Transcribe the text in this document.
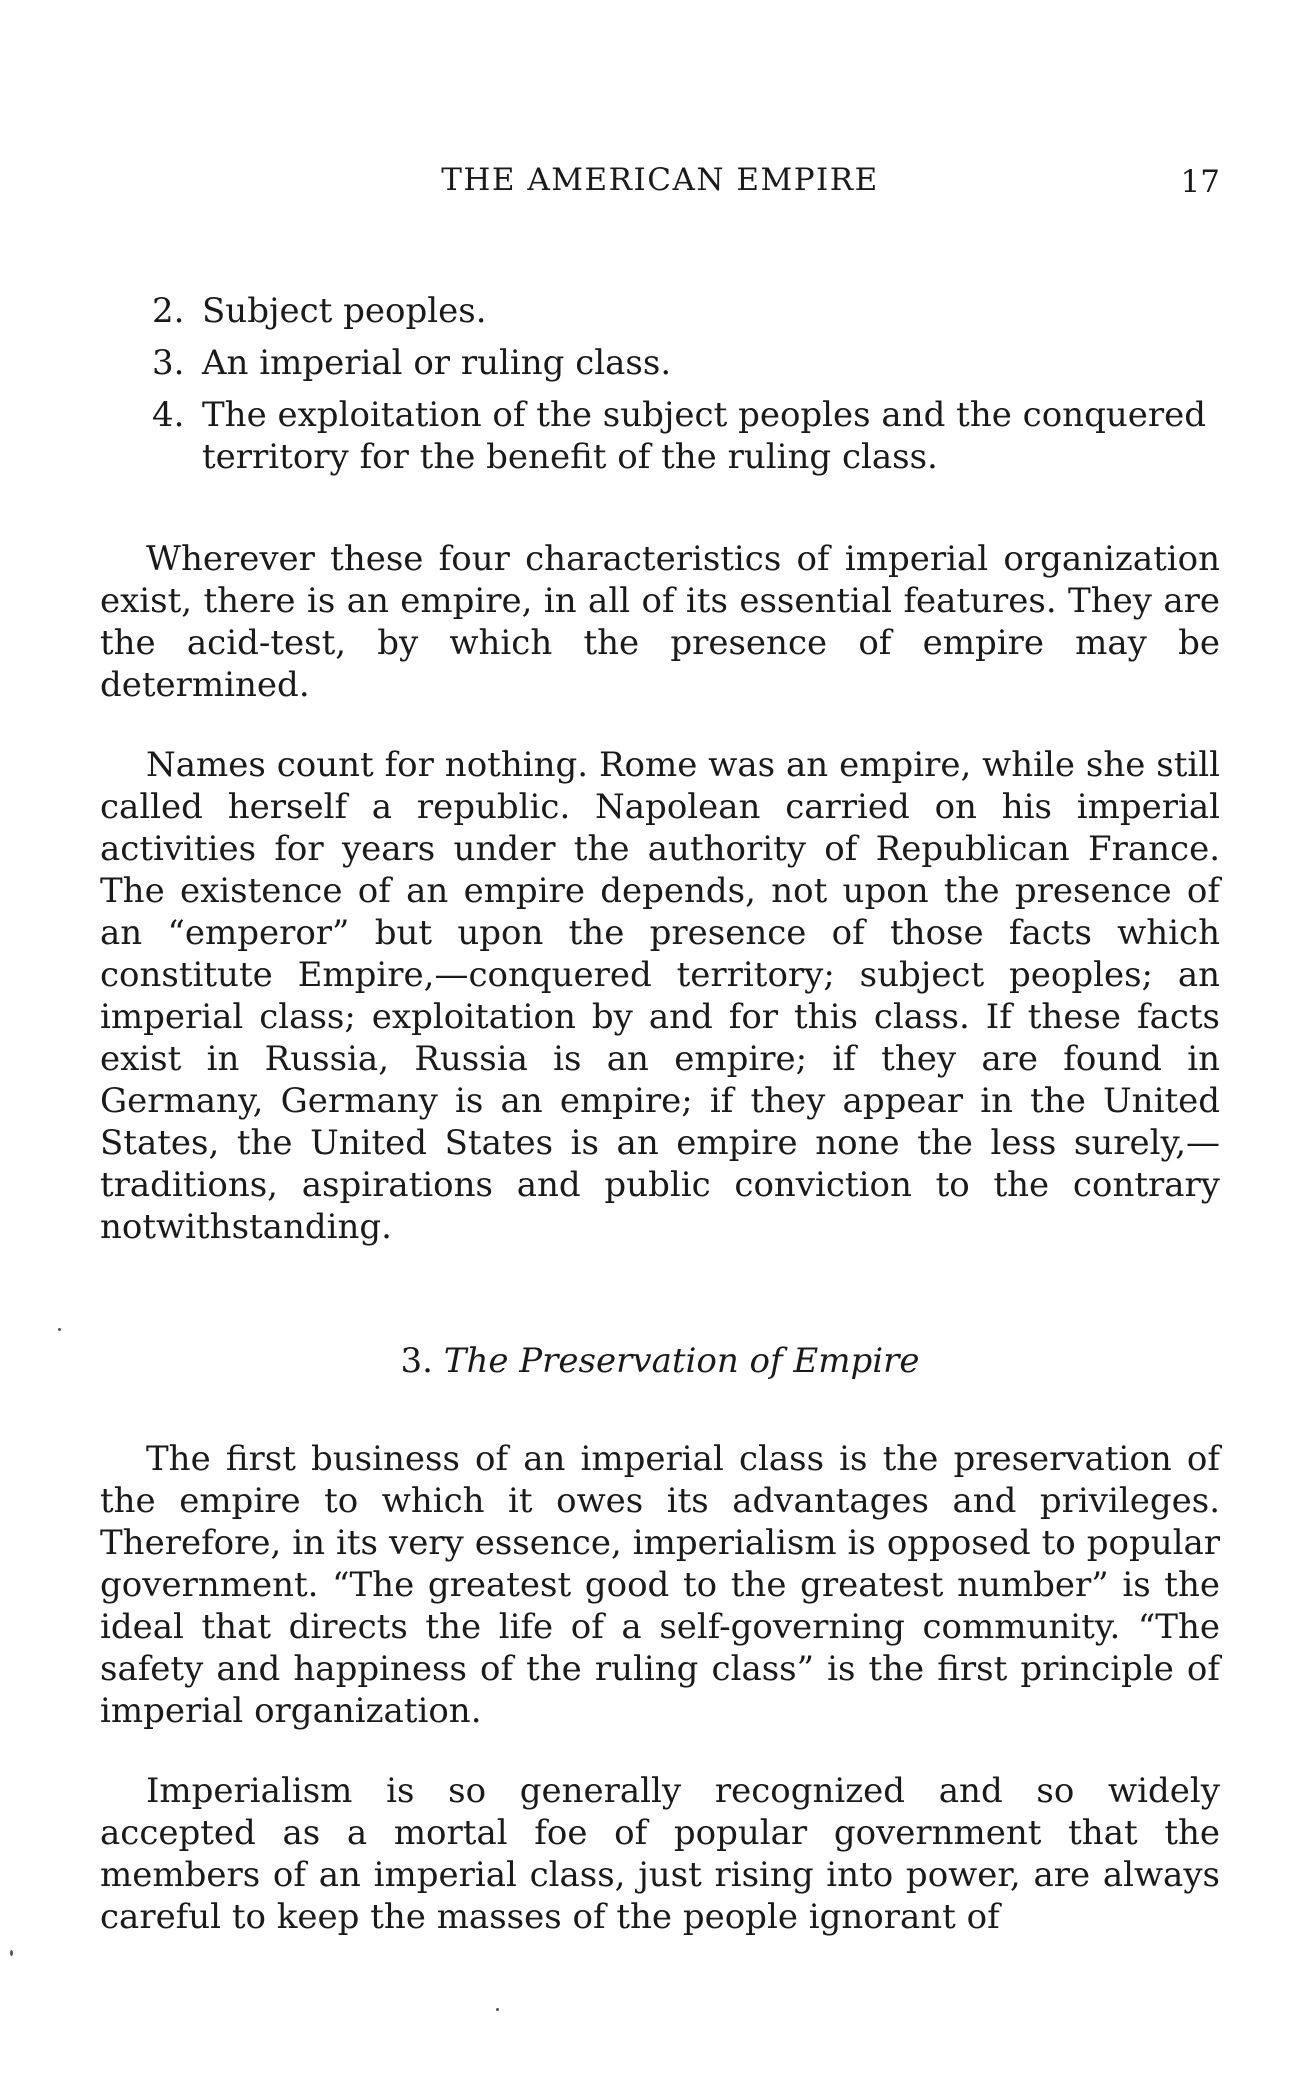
THE AMERICAN EMPIRE	17

2. Subject peoples.

3. An imperial or ruling class.

4. The exploitation of the subject peoples and the conquered territory for the benefit of the ruling class.

Wherever these four characteristics of imperial organization exist, there is an empire, in all of its essential features. They are the acid-test, by which the presence of empire may be determined.

Names count for nothing. Rome was an empire, while she still called herself a republic. Napolean carried on his imperial activities for years under the authority of Republican France. The existence of an empire depends, not upon the presence of an “emperor” but upon the presence of those facts which constitute Empire,—conquered territory; subject peoples; an imperial class; exploitation by and for this class. If these facts exist in Russia, Russia is an empire; if they are found in Germany, Germany is an empire; if they appear in the United States, the United States is an empire none the less surely,—traditions, aspirations and public conviction to the contrary notwithstanding.

3. The Preservation of Empire

The first business of an imperial class is the preservation of the empire to which it owes its advantages and privileges. Therefore, in its very essence, imperialism is opposed to popular government. “The greatest good to the greatest number” is the ideal that directs the life of a self-governing community. “The safety and happiness of the ruling class” is the first principle of imperial organization.

Imperialism is so generally recognized and so widely accepted as a mortal foe of popular government that the members of an imperial class, just rising into power, are always careful to keep the masses of the people ignorant of
